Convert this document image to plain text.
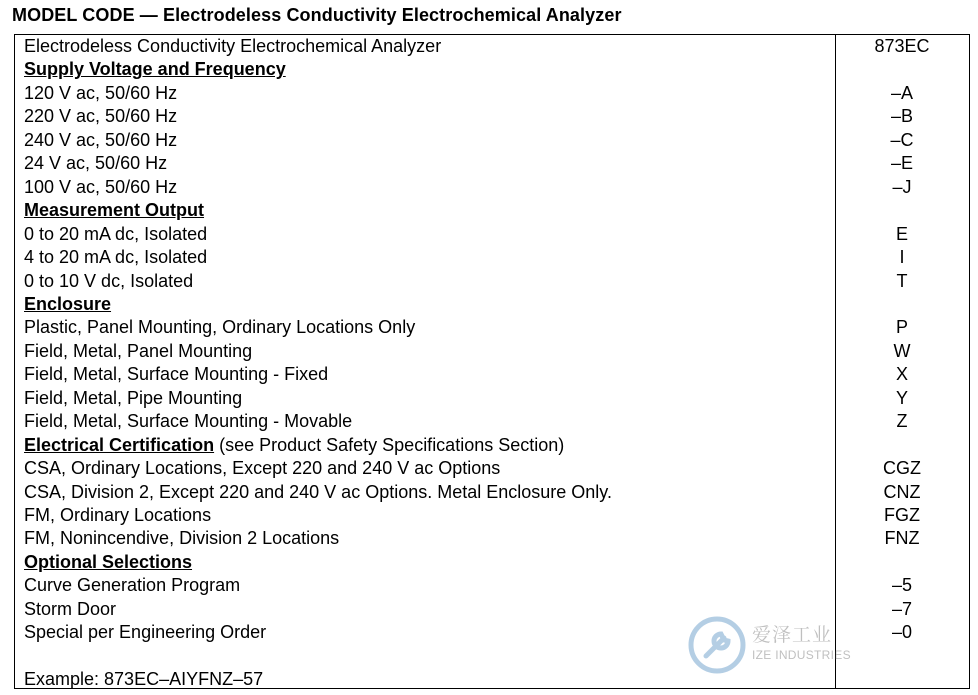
MODEL CODE — Electrodeless Conductivity Electrochemical Analyzer
Electrodeless Conductivity Electrochemical Analyzer	873EC
Supply Voltage and Frequency
120 V ac, 50/60 Hz	–A
220 V ac, 50/60 Hz	–B
240 V ac, 50/60 Hz	–C
24 V ac, 50/60 Hz	–E
100 V ac, 50/60 Hz	–J
Measurement Output
0 to 20 mA dc, Isolated	E
4 to 20 mA dc, Isolated	I
0 to 10 V dc, Isolated	T
Enclosure
Plastic, Panel Mounting, Ordinary Locations Only	P
Field, Metal, Panel Mounting	W
Field, Metal, Surface Mounting - Fixed	X
Field, Metal, Pipe Mounting	Y
Field, Metal, Surface Mounting - Movable	Z
Electrical Certification (see Product Safety Specifications Section)
CSA, Ordinary Locations, Except 220 and 240 V ac Options	CGZ
CSA, Division 2, Except 220 and 240 V ac Options. Metal Enclosure Only.	CNZ
FM, Ordinary Locations	FGZ
FM, Nonincendive, Division 2 Locations	FNZ
Optional Selections
Curve Generation Program	–5
Storm Door	–7
Special per Engineering Order	–0
Example: 873EC–AIYFNZ–57
爱泽工业
IZE INDUSTRIES
